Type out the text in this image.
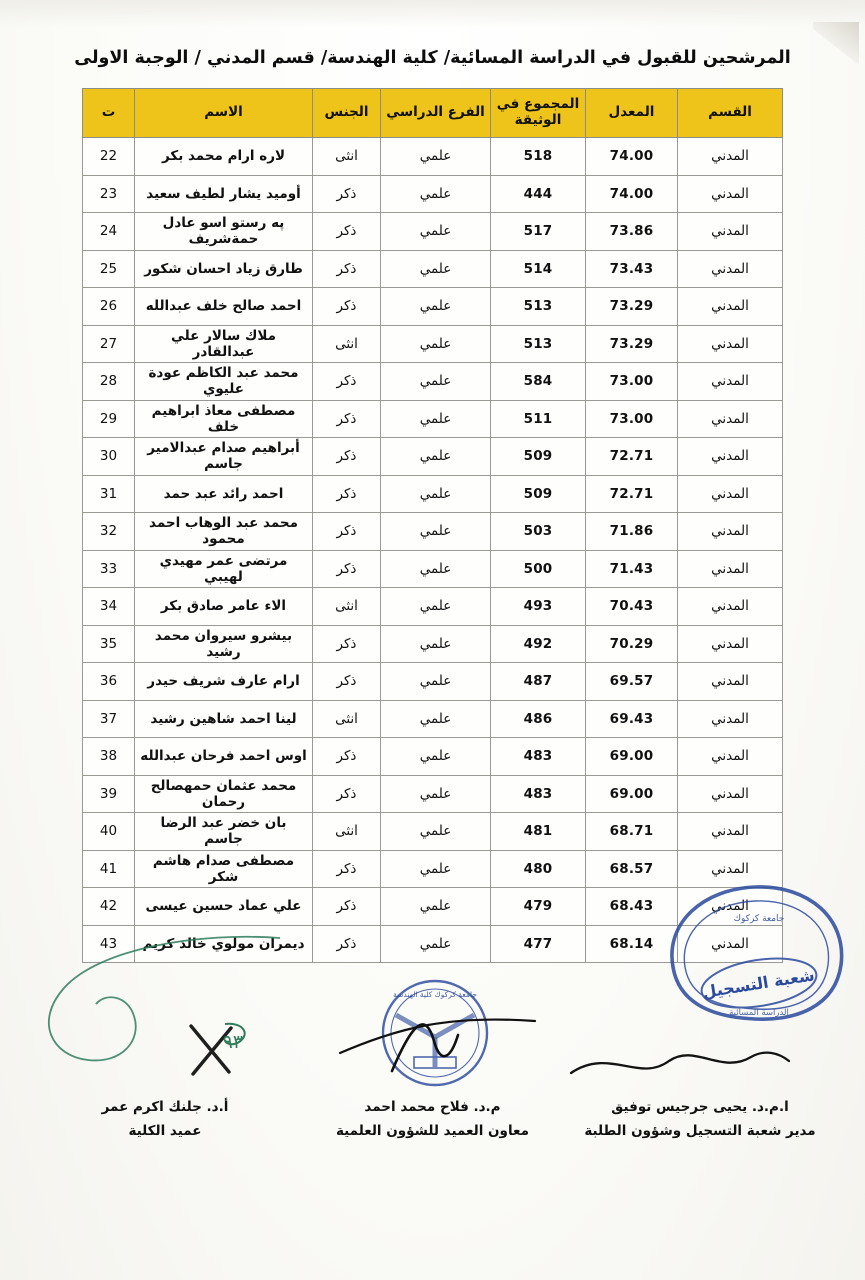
المرشحين للقبول في الدراسة المسائية/ كلية الهندسة/ قسم المدني / الوجبة الاولى
القسم	المعدل	المجموع في الوثيقة	الفرع الدراسي	الجنس	الاسم	ت
المدني	74.00	518	علمي	انثى	لاره ارام محمد بكر	22
المدني	74.00	444	علمي	ذكر	أوميد يشار لطيف سعيد	23
المدني	73.86	517	علمي	ذكر	په رستو اسو عادل حمةشريف	24
المدني	73.43	514	علمي	ذكر	طارق زياد احسان شكور	25
المدني	73.29	513	علمي	ذكر	احمد صالح خلف عبدالله	26
المدني	73.29	513	علمي	انثى	ملاك سالار علي عبدالقادر	27
المدني	73.00	584	علمي	ذكر	محمد عبد الكاظم عودة عليوي	28
المدني	73.00	511	علمي	ذكر	مصطفى معاذ ابراهيم خلف	29
المدني	72.71	509	علمي	ذكر	أبراهيم صدام عبدالامير جاسم	30
المدني	72.71	509	علمي	ذكر	احمد رائد عبد حمد	31
المدني	71.86	503	علمي	ذكر	محمد عبد الوهاب احمد محمود	32
المدني	71.43	500	علمي	ذكر	مرتضى عمر مهيدي لهيبي	33
المدني	70.43	493	علمي	انثى	الاء عامر صادق بكر	34
المدني	70.29	492	علمي	ذكر	بيشرو سيروان محمد رشيد	35
المدني	69.57	487	علمي	ذكر	ارام عارف شريف حيدر	36
المدني	69.43	486	علمي	انثى	لينا احمد شاهين رشيد	37
المدني	69.00	483	علمي	ذكر	اوس احمد فرحان عبدالله	38
المدني	69.00	483	علمي	ذكر	محمد عثمان حمهصالح رحمان	39
المدني	68.71	481	علمي	انثى	بان خضر عبد الرضا جاسم	40
المدني	68.57	480	علمي	ذكر	مصطفى صدام هاشم شكر	41
المدني	68.43	479	علمي	ذكر	علي عماد حسين عيسى	42
المدني	68.14	477	علمي	ذكر	ديمران مولوي خالد كريم	43
٩٣
جامعة كركوك كلية الهندسة	شعبة التسجيل
جامعة كركوك
الدراسة المسائية
ا.م.د. يحيى جرجيس توفيق
مدير شعبة التسجيل وشؤون الطلبة
م.د. فلاح محمد احمد
معاون العميد للشؤون العلمية
أ.د. جلنك اكرم عمر
عميد الكلية
